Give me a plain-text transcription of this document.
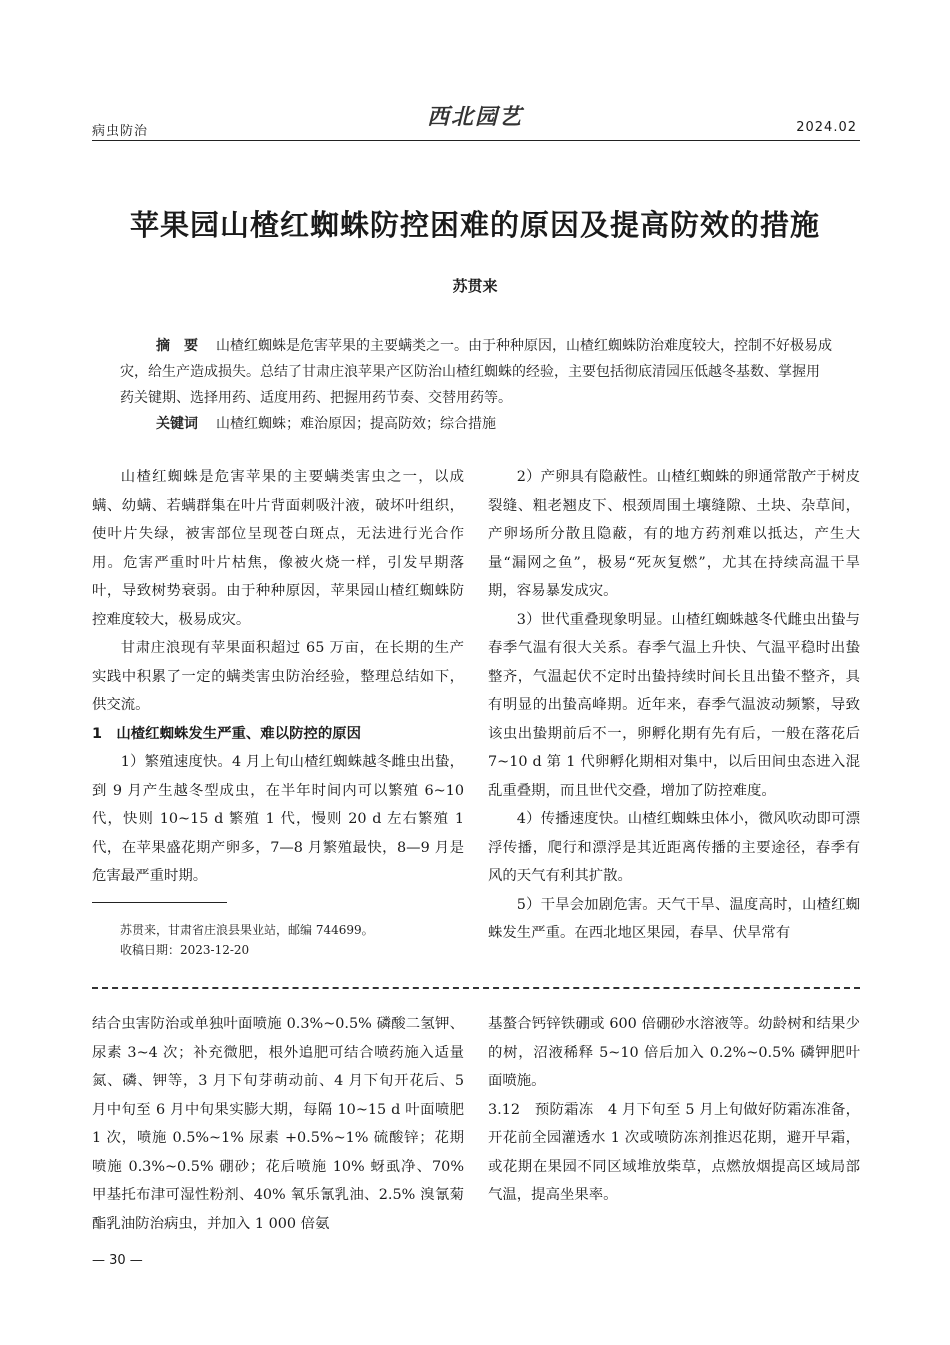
病虫防治
西北园艺	2024.02
苹果园山楂红蜘蛛防控困难的原因及提高防效的措施
苏贯来

摘　要 山楂红蜘蛛是危害苹果的主要螨类之一。由于种种原因，山楂红蜘蛛防治难度较大，控制不好极易成灾，给生产造成损失。总结了甘肃庄浪苹果产区防治山楂红蜘蛛的经验，主要包括彻底清园压低越冬基数、掌握用药关键期、选择用药、适度用药、把握用药节奏、交替用药等。

关键词 山楂红蜘蛛；难治原因；提高防效；综合措施

山楂红蜘蛛是危害苹果的主要螨类害虫之一，以成螨、幼螨、若螨群集在叶片背面刺吸汁液，破坏叶组织，使叶片失绿，被害部位呈现苍白斑点，无法进行光合作用。危害严重时叶片枯焦，像被火烧一样，引发早期落叶，导致树势衰弱。由于种种原因，苹果园山楂红蜘蛛防控难度较大，极易成灾。

甘肃庄浪现有苹果面积超过 65 万亩，在长期的生产实践中积累了一定的螨类害虫防治经验，整理总结如下，供交流。

1　山楂红蜘蛛发生严重、难以防控的原因

1）繁殖速度快。4 月上旬山楂红蜘蛛越冬雌虫出蛰，到 9 月产生越冬型成虫，在半年时间内可以繁殖 6~10 代，快则 10~15 d 繁殖 1 代，慢则 20 d 左右繁殖 1 代，在苹果盛花期产卵多，7—8 月繁殖最快，8—9 月是危害最严重时期。

苏贯来，甘肃省庄浪县果业站，邮编 744699。

收稿日期：2023-12-20

2）产卵具有隐蔽性。山楂红蜘蛛的卵通常散产于树皮裂缝、粗老翘皮下、根颈周围土壤缝隙、土块、杂草间，产卵场所分散且隐蔽，有的地方药剂难以抵达，产生大量“漏网之鱼”，极易“死灰复燃”，尤其在持续高温干旱期，容易暴发成灾。

3）世代重叠现象明显。山楂红蜘蛛越冬代雌虫出蛰与春季气温有很大关系。春季气温上升快、气温平稳时出蛰整齐，气温起伏不定时出蛰持续时间长且出蛰不整齐，具有明显的出蛰高峰期。近年来，春季气温波动频繁，导致该虫出蛰期前后不一，卵孵化期有先有后，一般在落花后 7~10 d 第 1 代卵孵化期相对集中，以后田间虫态进入混乱重叠期，而且世代交叠，增加了防控难度。

4）传播速度快。山楂红蜘蛛虫体小，微风吹动即可漂浮传播，爬行和漂浮是其近距离传播的主要途径，春季有风的天气有利其扩散。

5）干旱会加剧危害。天气干旱、温度高时，山楂红蜘蛛发生严重。在西北地区果园，春旱、伏旱常有

结合虫害防治或单独叶面喷施 0.3%~0.5% 磷酸二氢钾、尿素 3~4 次；补充微肥，根外追肥可结合喷药施入适量氮、磷、钾等，3 月下旬芽萌动前、4 月下旬开花后、5 月中旬至 6 月中旬果实膨大期，每隔 10~15 d 叶面喷肥 1 次，喷施 0.5%~1% 尿素 +0.5%~1% 硫酸锌；花期喷施 0.3%~0.5% 硼砂；花后喷施 10% 蚜虱净、70% 甲基托布津可湿性粉剂、40% 氧乐氰乳油、2.5% 溴氰菊酯乳油防治病虫，并加入 1 000 倍氨

基螯合钙锌铁硼或 600 倍硼砂水溶液等。幼龄树和结果少的树，沼液稀释 5~10 倍后加入 0.2%~0.5% 磷钾肥叶面喷施。

3.12　预防霜冻　4 月下旬至 5 月上旬做好防霜冻准备，开花前全园灌透水 1 次或喷防冻剂推迟花期，避开早霜，或花期在果园不同区域堆放柴草，点燃放烟提高区域局部气温，提高坐果率。

— 30 —
